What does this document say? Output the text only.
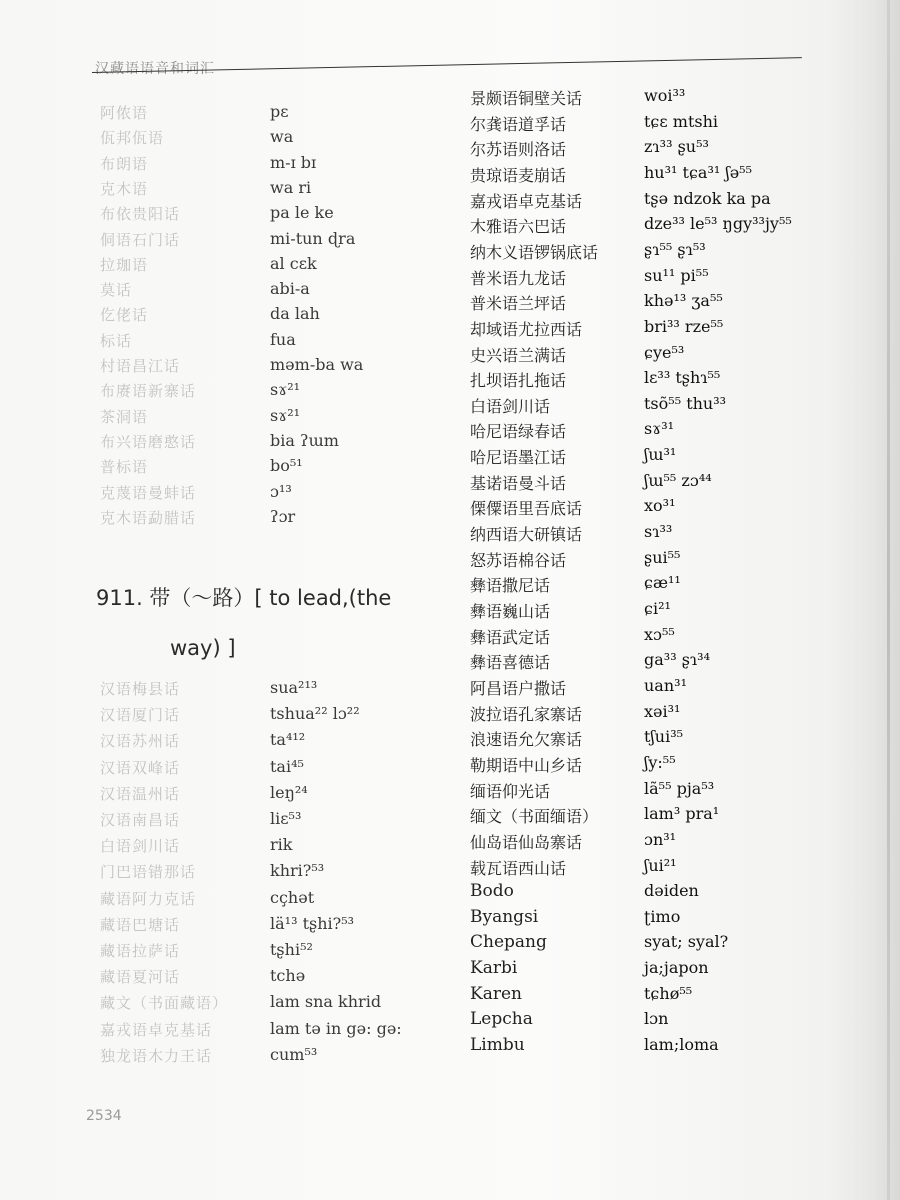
汉藏语语音和词汇
阿侬语	pɛ
佤邦佤语	wa
布朗语	m-ɪ bɪ
克木语	wa ri
布依贵阳话	pa le ke
侗语石门话	mi-tun ɖra
拉珈语	al cɛk
莫话	abi-a
仡佬话	da lah
标话	fua
村语昌江话	məm-ba wa
布赓语新寨话	sɤ²¹
茶洞语	sɤ²¹
布兴语磨憨话	bia ʔɯm
普标语	bo⁵¹
克蔑语曼蚌话	ɔ¹³
克木语勐腊话	ʔɔr
911. 带（～路）[ to lead,(the
way) ]
汉语梅县话	sua²¹³
汉语厦门话	tshua²² lɔ²²
汉语苏州话	ta⁴¹²
汉语双峰话	tai⁴⁵
汉语温州话	leŋ²⁴
汉语南昌话	liɛ⁵³
白语剑川话	rik
门巴语错那话	khri?⁵³
藏语阿力克话	cçhət
藏语巴塘话	lä¹³ tʂhi?⁵³
藏语拉萨话	tʂhi⁵²
藏语夏河话	tchə
藏文（书面藏语）	lam sna khrid
嘉戎语卓克基话	lam tə in gə: gə:
独龙语木力王话	cum⁵³
景颇语铜壁关话	woi³³
尔龚语道孚话	tɕɛ mtshi
尔苏语则洛话	zɿ³³ ʂu⁵³
贵琼语麦崩话	hu³¹ tɕa³¹ ʃə⁵⁵
嘉戎语卓克基话	tʂə ndzok ka pa
木雅语六巴话	dze³³ le⁵³ ŋgy³³jy⁵⁵
纳木义语锣锅底话	ʂɿ⁵⁵ ʂɿ⁵³
普米语九龙话	su¹¹ pi⁵⁵
普米语兰坪话	khə¹³ ʒa⁵⁵
却域语尤拉西话	bri³³ rze⁵⁵
史兴语兰满话	ɕye⁵³
扎坝语扎拖话	lɛ³³ tʂhɿ⁵⁵
白语剑川话	tsõ⁵⁵ thu³³
哈尼语绿春话	sɤ³¹
哈尼语墨江话	ʃɯ³¹
基诺语曼斗话	ʃɯ⁵⁵ zɔ⁴⁴
傈僳语里吾底话	xo³¹
纳西语大研镇话	sɿ³³
怒苏语棉谷话	ʂui⁵⁵
彝语撒尼话	ɕæ¹¹
彝语巍山话	ɕi²¹
彝语武定话	xɔ⁵⁵
彝语喜德话	ga³³ ʂɿ³⁴
阿昌语户撒话	uan³¹
波拉语孔家寨话	xəi³¹
浪速语允欠寨话	tʃui³⁵
勒期语中山乡话	ʃy:⁵⁵
缅语仰光话	lã⁵⁵ pja⁵³
缅文（书面缅语）	lam³ pra¹
仙岛语仙岛寨话	ɔn³¹
载瓦语西山话	ʃui²¹
Bodo	dəiden
Byangsi	ʈimo
Chepang	syat; syal?
Karbi	ja;japon
Karen	tɕhø⁵⁵
Lepcha	lɔn
Limbu	lam;loma
2534
